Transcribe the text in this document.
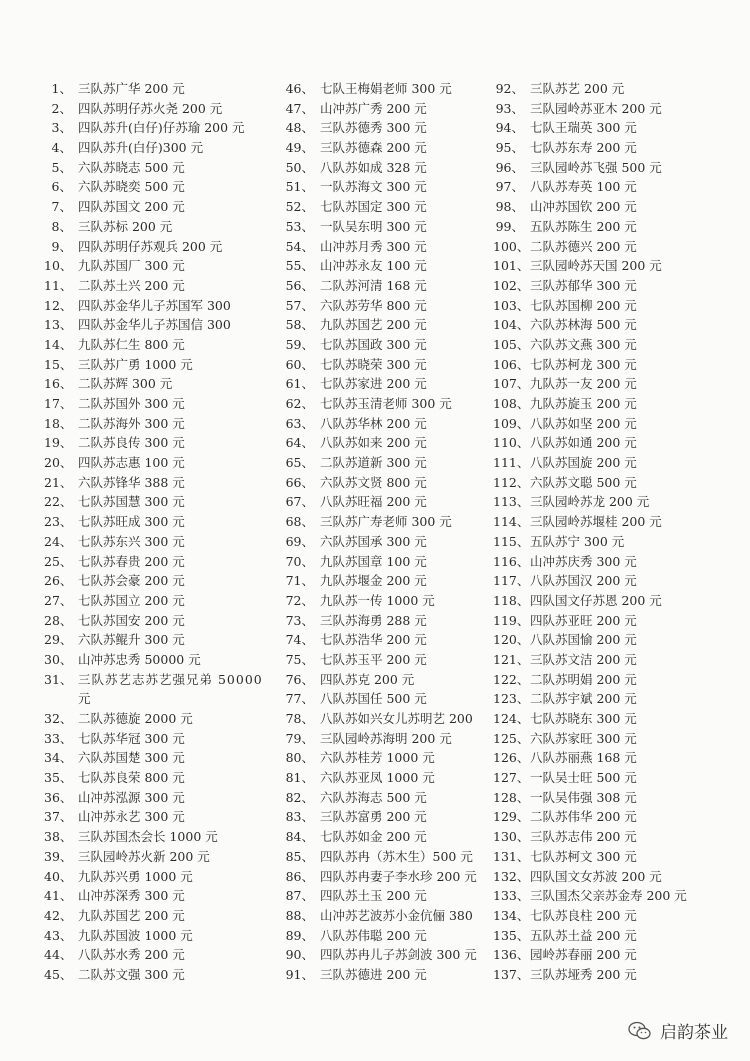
1、 三队苏广华 200 元
2、 四队苏明仔苏火尧 200 元
3、 四队苏升(白仔)仔苏瑜 200 元
4、 四队苏升(白仔)300 元
5、 六队苏晓志 500 元
6、 六队苏晓奕 500 元
7、 四队苏国文 200 元
8、 三队苏标 200 元
9、 四队苏明仔苏观兵 200 元
10、 九队苏国厂 300 元
11、 二队苏土兴 200 元
12、 四队苏金华儿子苏国军 300
13、 四队苏金华儿子苏国信 300
14、 九队苏仁生 800 元
15、 三队苏广勇 1000 元
16、 二队苏辉 300 元
17、 二队苏国外 300 元
18、 二队苏海外 300 元
19、 二队苏良传 300 元
20、 四队苏志惠 100 元
21、 六队苏锋华 388 元
22、 七队苏国慧 300 元
23、 七队苏旺成 300 元
24、 七队苏东兴 300 元
25、 七队苏春贵 200 元
26、 七队苏会豪 200 元
27、 七队苏国立 200 元
28、 七队苏国安 200 元
29、 六队苏鲲升 300 元
30、 山冲苏忠秀 50000 元
31、 三队苏艺志苏艺强兄弟 50000 元
32、 二队苏德旋 2000 元
33、 七队苏华冠 300 元
34、 六队苏国楚 300 元
35、 七队苏良荣 800 元
36、 山冲苏泓源 300 元
37、 山冲苏永艺 300 元
38、 三队苏国杰会长 1000 元
39、 三队园岭苏火新 200 元
40、 九队苏兴勇 1000 元
41、 山冲苏深秀 300 元
42、 九队苏国艺 200 元
43、 九队苏国波 1000 元
44、 八队苏水秀 200 元
45、 二队苏文强 300 元
46、 七队王梅娟老师 300 元
47、 山冲苏广秀 200 元
48、 三队苏德秀 300 元
49、 三队苏德森 200 元
50、 八队苏如成 328 元
51、 一队苏海文 300 元
52、 七队苏国定 300 元
53、 一队吴东明 300 元
54、 山冲苏月秀 300 元
55、 山冲苏永友 100 元
56、 二队苏河清 168 元
57、 六队苏劳华 800 元
58、 九队苏国艺 200 元
59、 七队苏国政 300 元
60、 七队苏晓荣 300 元
61、 七队苏家进 200 元
62、 七队苏玉清老师 300 元
63、 八队苏华林 200 元
64、 八队苏如来 200 元
65、 二队苏道新 300 元
66、 六队苏文贤 800 元
67、 八队苏旺福 200 元
68、 三队苏广寿老师 300 元
69、 六队苏国承 300 元
70、 九队苏国章 100 元
71、 九队苏堰金 200 元
72、 九队苏一传 1000 元
73、 三队苏海勇 288 元
74、 七队苏浩华 200 元
75、 七队苏玉平 200 元
76、 四队苏克 200 元
77、 八队苏国任 500 元
78、 八队苏如兴女儿苏明艺 200
79、 三队园岭苏海明 200 元
80、 六队苏桂芳 1000 元
81、 六队苏亚凤 1000 元
82、 六队苏海志 500 元
83、 三队苏富勇 200 元
84、 七队苏如金 200 元
85、 四队苏冉（苏木生）500 元
86、 四队苏冉妻子李水珍 200 元
87、 四队苏土玉 200 元
88、 山冲苏艺波苏小金伉俪 380
89、 八队苏伟聪 200 元
90、 四队苏冉儿子苏剑波 300 元
91、 三队苏德进 200 元
92、 三队苏艺 200 元
93、 三队园岭苏亚木 200 元
94、 七队王瑞英 300 元
95、 七队苏东寿 200 元
96、 三队园岭苏飞强 500 元
97、 八队苏寿英 100 元
98、 山冲苏国钦 200 元
99、 五队苏陈生 200 元
100、 二队苏德兴 200 元
101、 三队园岭苏天国 200 元
102、 三队苏郁华 300 元
103、 七队苏国柳 200 元
104、 六队苏林海 500 元
105、 六队苏文燕 300 元
106、 七队苏柯龙 300 元
107、 九队苏一友 200 元
108、 九队苏旋玉 200 元
109、 八队苏如坚 200 元
110、 八队苏如通 200 元
111、 八队苏国旋 200 元
112、 六队苏文聪 500 元
113、 三队园岭苏龙 200 元
114、 三队园岭苏堰桂 200 元
115、 五队苏宁 300 元
116、 山冲苏庆秀 300 元
117、 八队苏国汉 200 元
118、 四队国文仔苏恩 200 元
119、 四队苏亚旺 200 元
120、 八队苏国愉 200 元
121、 三队苏文洁 200 元
122、 二队苏明娟 200 元
123、 二队苏宇斌 200 元
124、 七队苏晓东 300 元
125、 六队苏家旺 300 元
126、 八队苏丽燕 168 元
127、 一队吴士旺 500 元
128、 一队吴伟强 308 元
129、 二队苏伟华 200 元
130、 三队苏志伟 200 元
131、 七队苏柯文 300 元
132、 四队国文女苏波 200 元
133、 三队国杰父亲苏金寿 200 元
134、 七队苏良柱 200 元
135、 五队苏土益 200 元
136、 园岭苏春丽 200 元
137、 三队苏垭秀 200 元
启韵茶业
